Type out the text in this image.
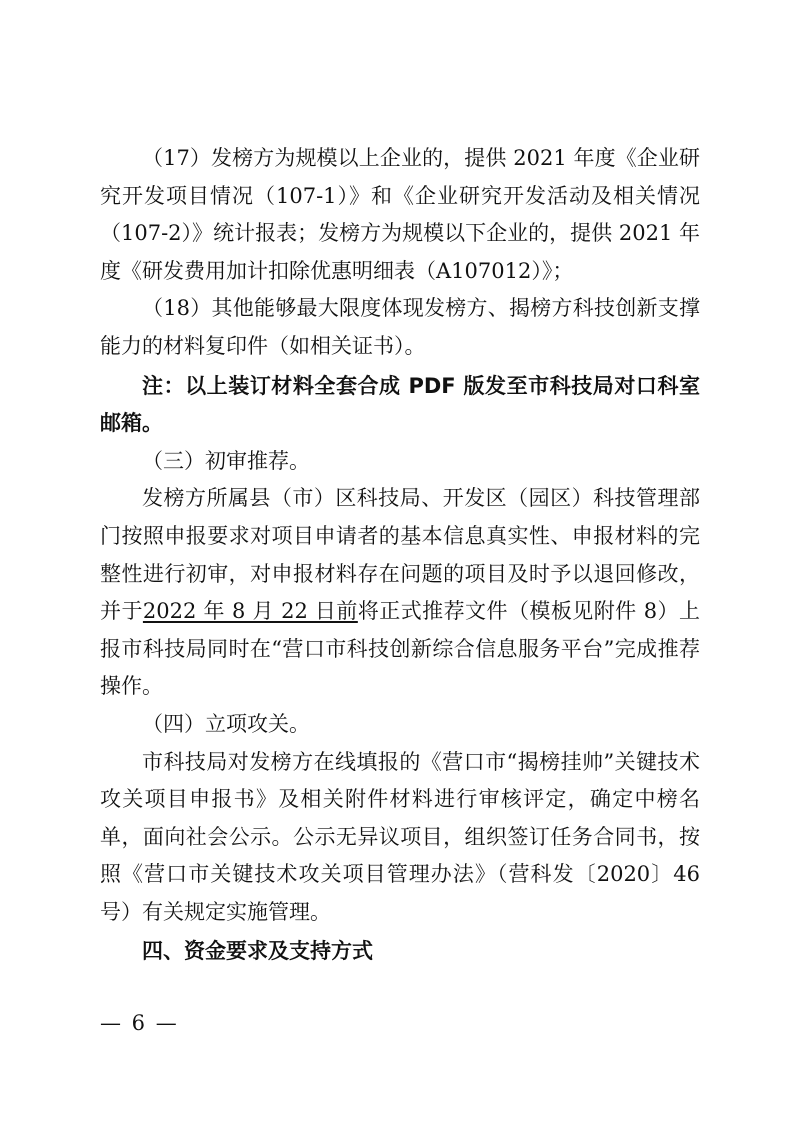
（17）发榜方为规模以上企业的，提供 2021 年度《企业研究开发项目情况（107-1）》和《企业研究开发活动及相关情况（107-2）》统计报表；发榜方为规模以下企业的，提供 2021 年度《研发费用加计扣除优惠明细表（A107012）》；

（18）其他能够最大限度体现发榜方、揭榜方科技创新支撑能力的材料复印件（如相关证书）。

注：以上装订材料全套合成 PDF 版发至市科技局对口科室邮箱。

（三）初审推荐。

发榜方所属县（市）区科技局、开发区（园区）科技管理部门按照申报要求对项目申请者的基本信息真实性、申报材料的完整性进行初审，对申报材料存在问题的项目及时予以退回修改，并于2022 年 8 月 22 日前将正式推荐文件（模板见附件 8）上报市科技局同时在“营口市科技创新综合信息服务平台”完成推荐操作。

（四）立项攻关。

市科技局对发榜方在线填报的《营口市“揭榜挂帅”关键技术攻关项目申报书》及相关附件材料进行审核评定，确定中榜名单，面向社会公示。公示无异议项目，组织签订任务合同书，按照《营口市关键技术攻关项目管理办法》（营科发〔2020〕46 号）有关规定实施管理。

四、资金要求及支持方式

— 6 —
